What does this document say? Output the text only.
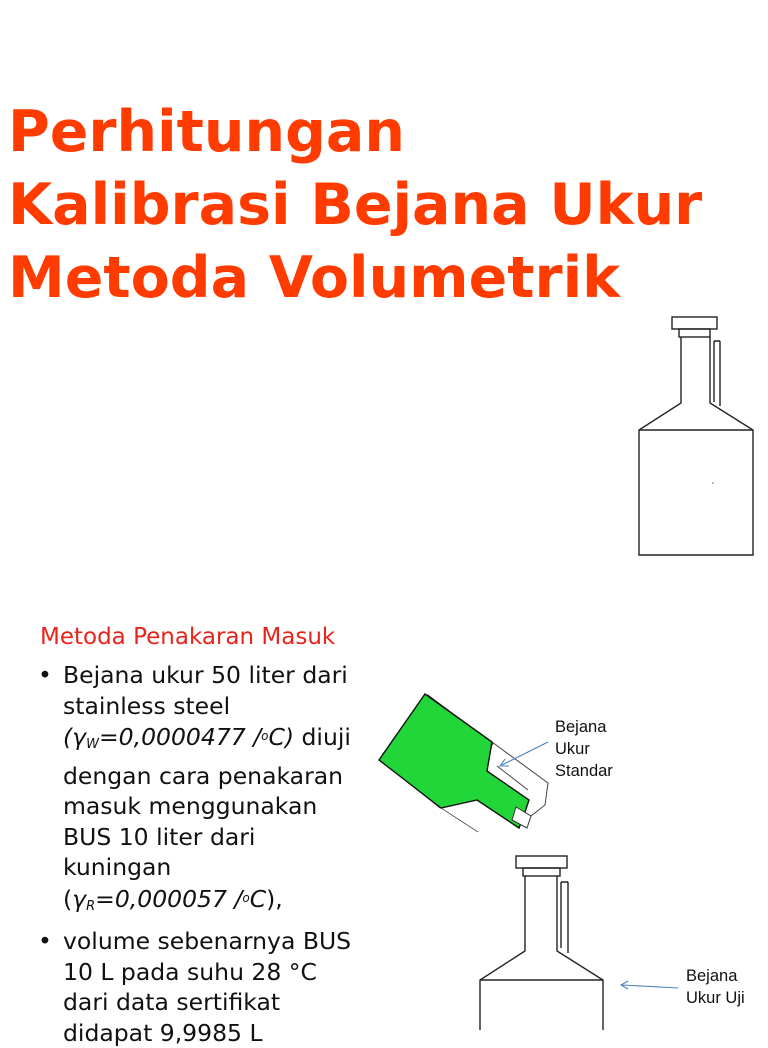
Perhitungan
Kalibrasi Bejana Ukur
Metoda Volumetrik
Metoda Penakaran Masuk
• Bejana ukur 50 liter dari
stainless steel
($\gamma_W=0,0000477$ /$^o$C) diuji
dengan cara penakaran
masuk menggunakan
BUS 10 liter dari
kuningan
($\gamma_R=0,000057$ /$^o$C),
• volume sebenarnya BUS
10 L pada suhu 28 °C
dari data sertifikat
didapat 9,9985 L
Bejana
Ukur
Standar
Bejana
Ukur Uji
